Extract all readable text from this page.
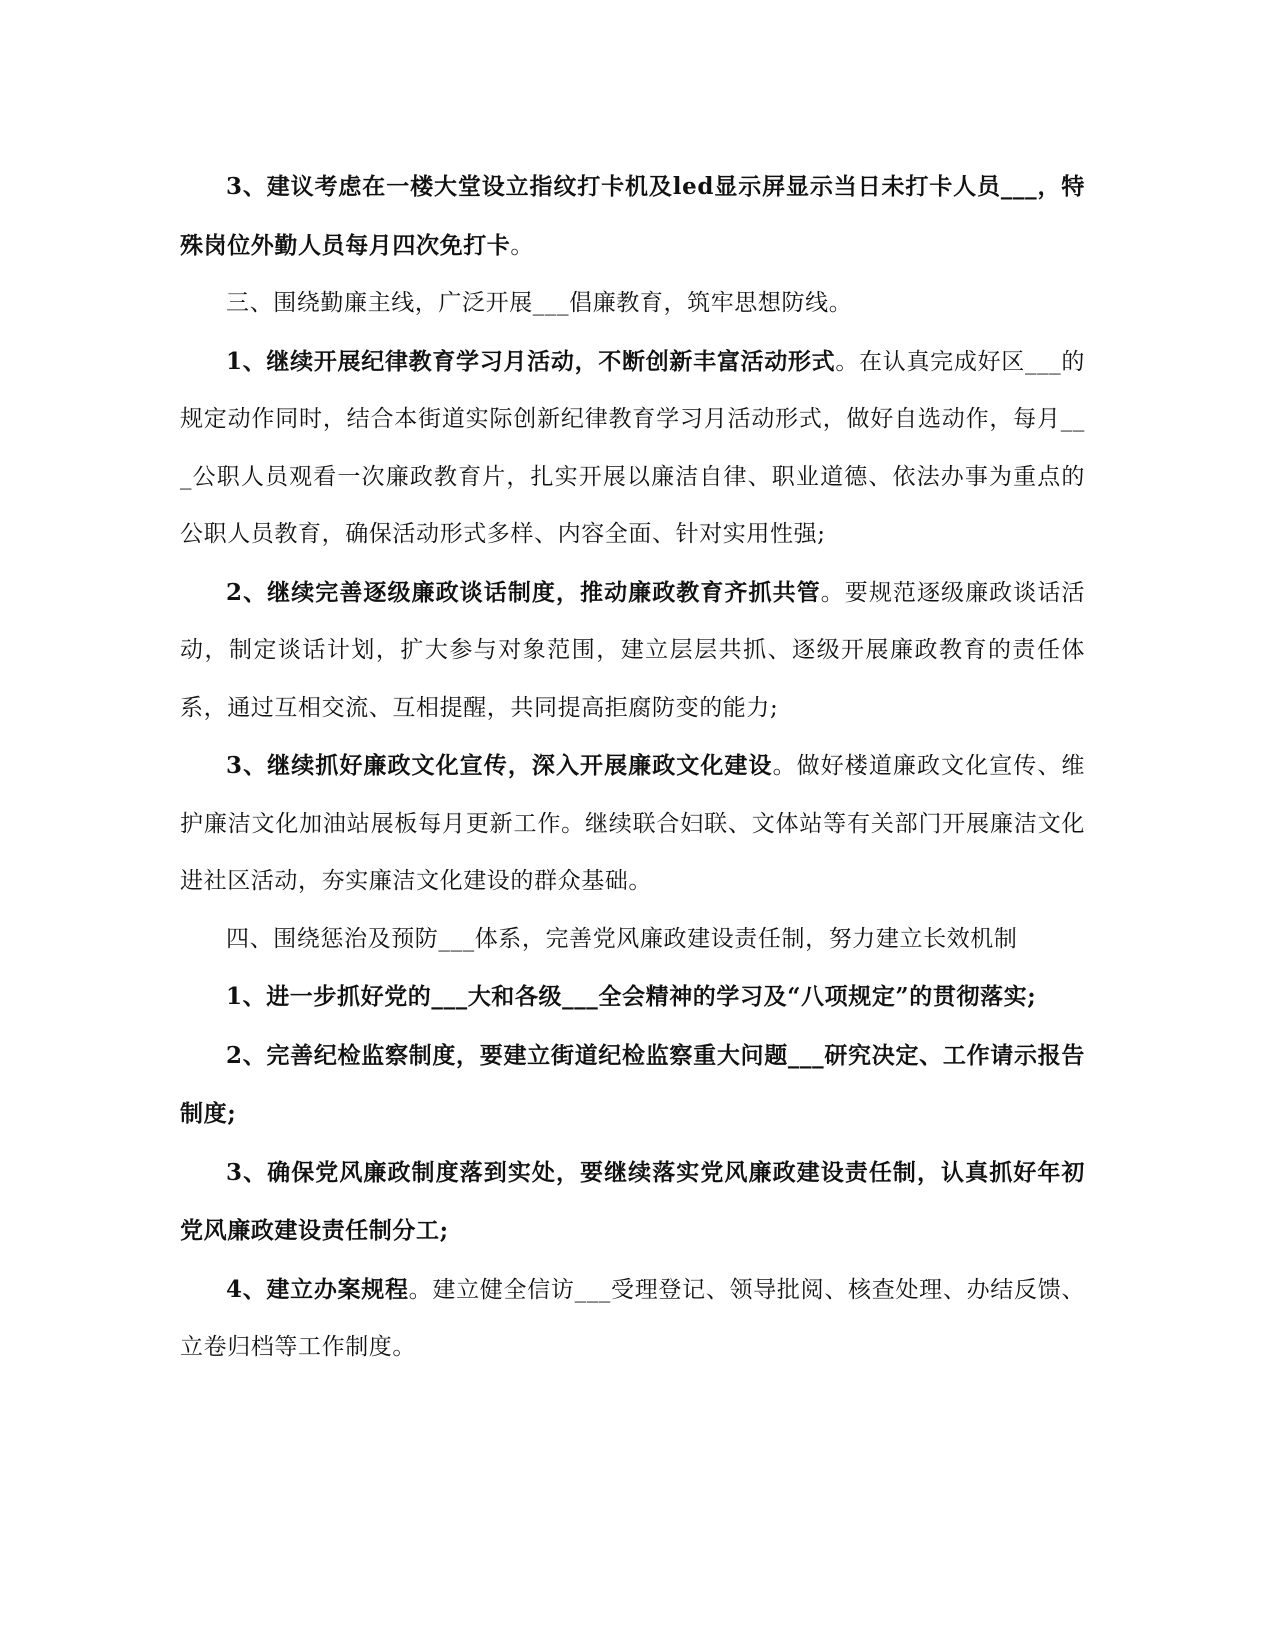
3、建议考虑在一楼大堂设立指纹打卡机及led显示屏显示当日未打卡人员___，特殊岗位外勤人员每月四次免打卡。

三、围绕勤廉主线，广泛开展___倡廉教育，筑牢思想防线。

1、继续开展纪律教育学习月活动，不断创新丰富活动形式。在认真完成好区___的规定动作同时，结合本街道实际创新纪律教育学习月活动形式，做好自选动作，每月___公职人员观看一次廉政教育片，扎实开展以廉洁自律、职业道德、依法办事为重点的公职人员教育，确保活动形式多样、内容全面、针对实用性强;

2、继续完善逐级廉政谈话制度，推动廉政教育齐抓共管。要规范逐级廉政谈话活动，制定谈话计划，扩大参与对象范围，建立层层共抓、逐级开展廉政教育的责任体系，通过互相交流、互相提醒，共同提高拒腐防变的能力;

3、继续抓好廉政文化宣传，深入开展廉政文化建设。做好楼道廉政文化宣传、维护廉洁文化加油站展板每月更新工作。继续联合妇联、文体站等有关部门开展廉洁文化进社区活动，夯实廉洁文化建设的群众基础。

四、围绕惩治及预防___体系，完善党风廉政建设责任制，努力建立长效机制

1、进一步抓好党的___大和各级___全会精神的学习及“八项规定”的贯彻落实;

2、完善纪检监察制度，要建立街道纪检监察重大问题___研究决定、工作请示报告制度;

3、确保党风廉政制度落到实处，要继续落实党风廉政建设责任制，认真抓好年初党风廉政建设责任制分工;

4、建立办案规程。建立健全信访___受理登记、领导批阅、核查处理、办结反馈、立卷归档等工作制度。
